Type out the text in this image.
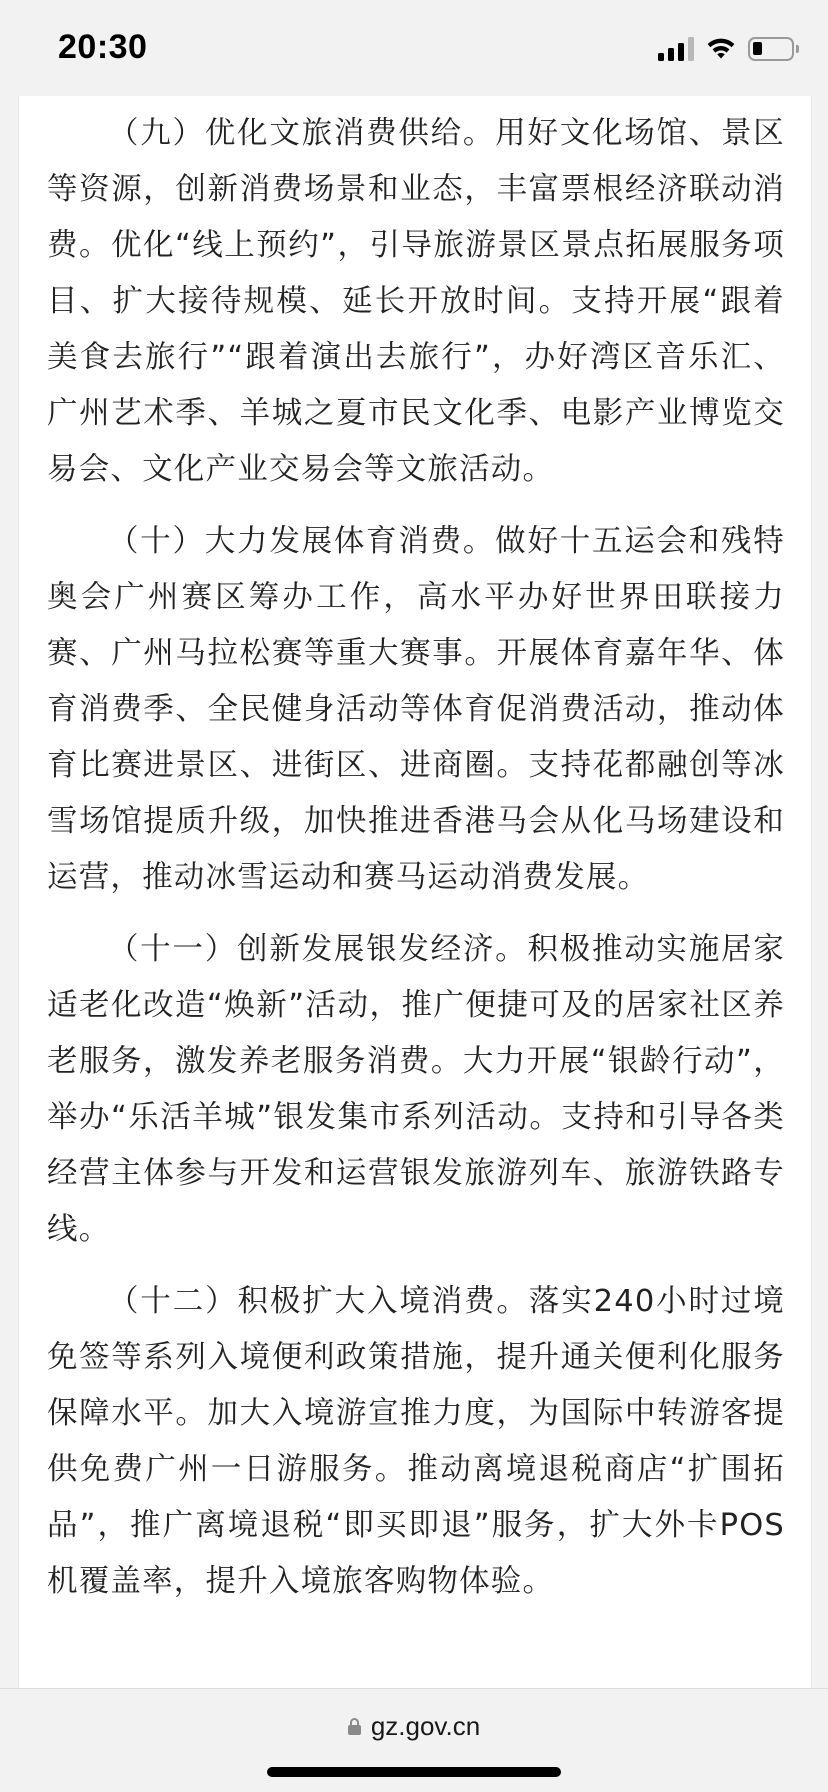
20:30

（九）优化文旅消费供给。用好文化场馆、景区等资源，创新消费场景和业态，丰富票根经济联动消费。优化“线上预约”，引导旅游景区景点拓展服务项目、扩大接待规模、延长开放时间。支持开展“跟着美食去旅行”“跟着演出去旅行”，办好湾区音乐汇、广州艺术季、羊城之夏市民文化季、电影产业博览交易会、文化产业交易会等文旅活动。

（十）大力发展体育消费。做好十五运会和残特奥会广州赛区筹办工作，高水平办好世界田联接力赛、广州马拉松赛等重大赛事。开展体育嘉年华、体育消费季、全民健身活动等体育促消费活动，推动体育比赛进景区、进街区、进商圈。支持花都融创等冰雪场馆提质升级，加快推进香港马会从化马场建设和运营，推动冰雪运动和赛马运动消费发展。

（十一）创新发展银发经济。积极推动实施居家适老化改造“焕新”活动，推广便捷可及的居家社区养老服务，激发养老服务消费。大力开展“银龄行动”，举办“乐活羊城”银发集市系列活动。支持和引导各类经营主体参与开发和运营银发旅游列车、旅游铁路专线。

（十二）积极扩大入境消费。落实240小时过境免签等系列入境便利政策措施，提升通关便利化服务保障水平。加大入境游宣推力度，为国际中转游客提供免费广州一日游服务。推动离境退税商店“扩围拓品”，推广离境退税“即买即退”服务，扩大外卡POS机覆盖率，提升入境旅客购物体验。

gz.gov.cn
